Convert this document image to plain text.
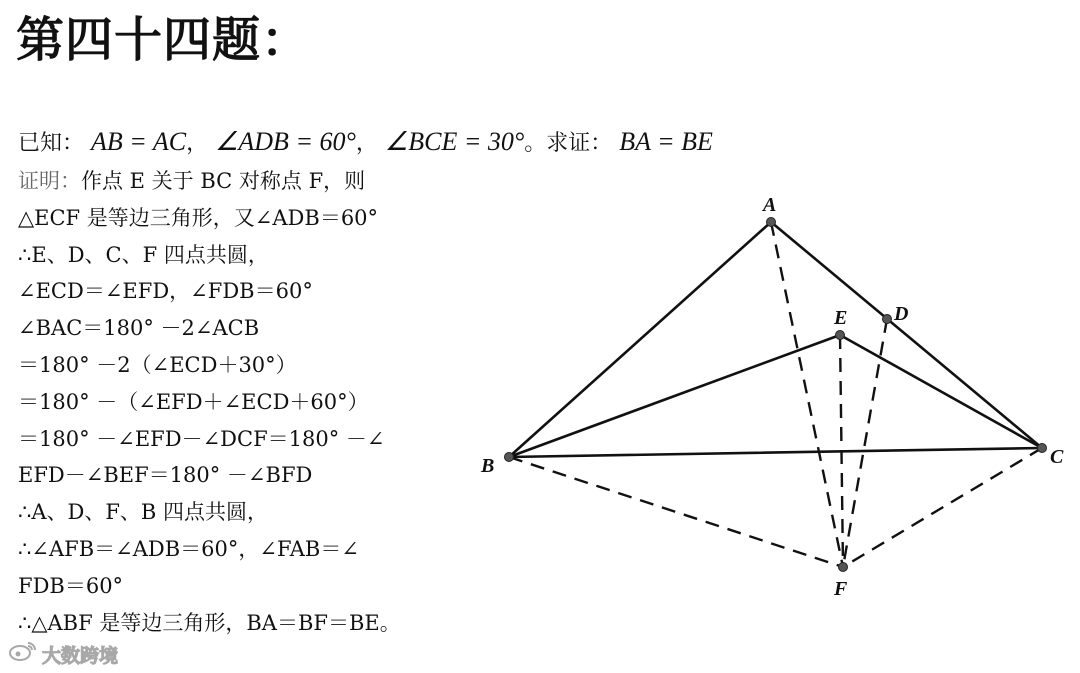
第四十四题：
已知： AB = AC， ∠ADB = 60°， ∠BCE = 30°。求证： BA = BE
证明：作点 E 关于 BC 对称点 F，则
△ECF 是等边三角形，又∠ADB＝60°
∴E、D、C、F 四点共圆，
∠ECD＝∠EFD，∠FDB＝60°
∠BAC＝180° －2∠ACB
＝180° －2（∠ECD＋30°）
＝180° －（∠EFD＋∠ECD＋60°）
＝180° －∠EFD－∠DCF＝180° －∠
EFD－∠BEF＝180° －∠BFD
∴A、D、F、B 四点共圆，
∴∠AFB＝∠ADB＝60°，∠FAB＝∠
FDB＝60°
∴△ABF 是等边三角形，BA＝BF＝BE。
A
B	C
D
E
F
大数跨境
